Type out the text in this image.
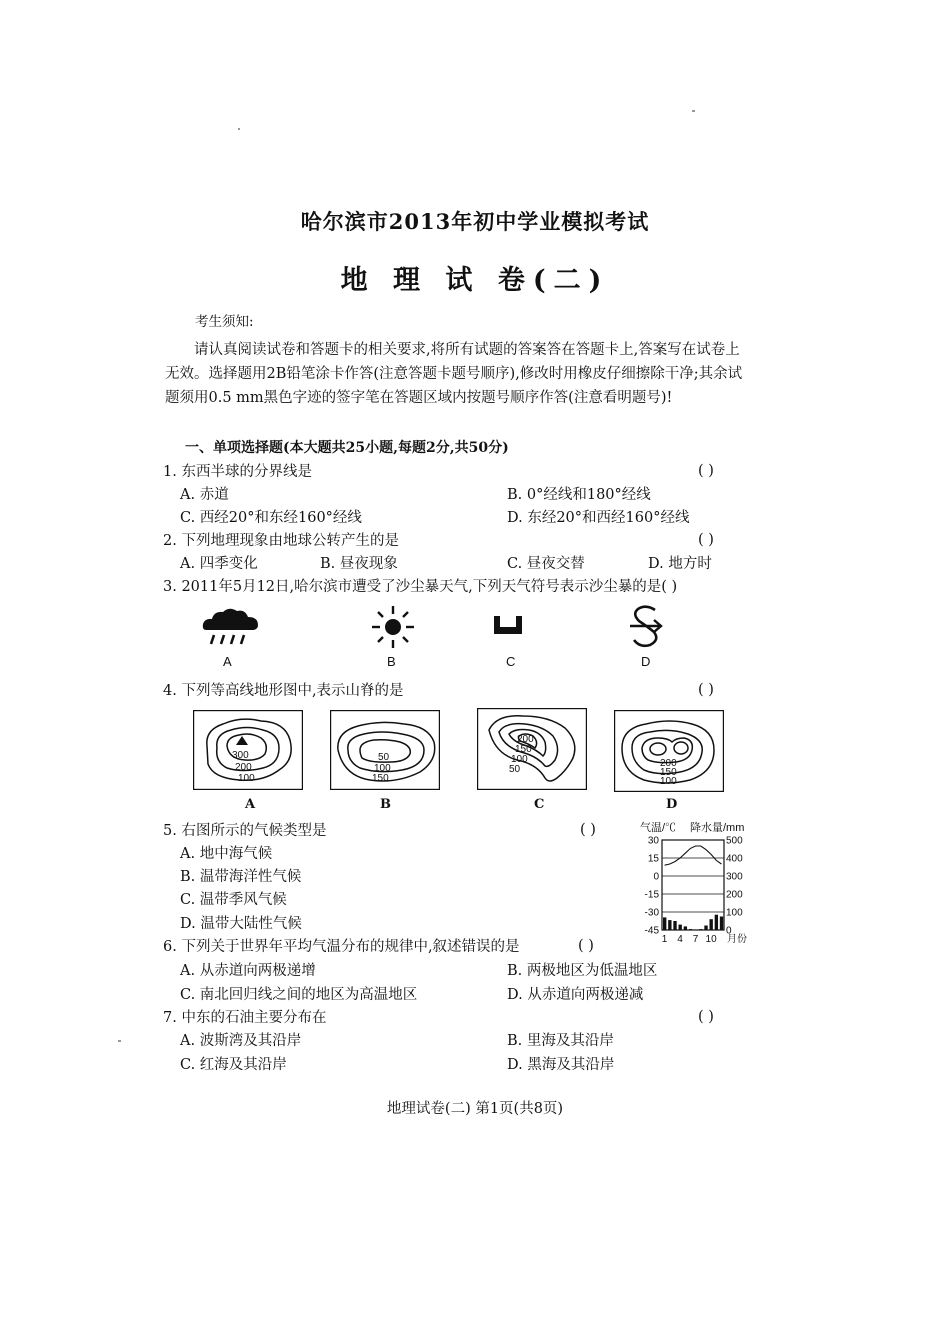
哈尔滨市2013年初中学业模拟考试
地 理 试 卷(二)
考生须知:
请认真阅读试卷和答题卡的相关要求,将所有试题的答案答在答题卡上,答案写在试卷上无效。选择题用2B铅笔涂卡作答(注意答题卡题号顺序),修改时用橡皮仔细擦除干净;其余试题须用0.5 mm黑色字迹的签字笔在答题区域内按题号顺序作答(注意看明题号)!
一、单项选择题(本大题共25小题,每题2分,共50分)
1. 东西半球的分界线是	( )
A. 赤道	B. 0°经线和180°经线
C. 西经20°和东经160°经线	D. 东经20°和西经160°经线
2. 下列地理现象由地球公转产生的是	( )
A. 四季变化	B. 昼夜现象	C. 昼夜交替	D. 地方时
3. 2011年5月12日,哈尔滨市遭受了沙尘暴天气,下列天气符号表示沙尘暴的是( )
A	B	C	D
4. 下列等高线地形图中,表示山脊的是	( )
300
200
100
A
50
100
150
B
200
150
100
50
C
200
150
100
D
5. 右图所示的气候类型是	( )
A. 地中海气候
B. 温带海洋性气候
C. 温带季风气候
D. 温带大陆性气候
气温/℃ 降水量/mm
30	500
15	400
0	300
-15	200
-30	100
-45	0
1 4 7 10 月份
6. 下列关于世界年平均气温分布的规律中,叙述错误的是	( )
A. 从赤道向两极递增	B. 两极地区为低温地区
C. 南北回归线之间的地区为高温地区	D. 从赤道向两极递减
7. 中东的石油主要分布在	( )
A. 波斯湾及其沿岸	B. 里海及其沿岸
C. 红海及其沿岸	D. 黑海及其沿岸
地理试卷(二) 第1页(共8页)
